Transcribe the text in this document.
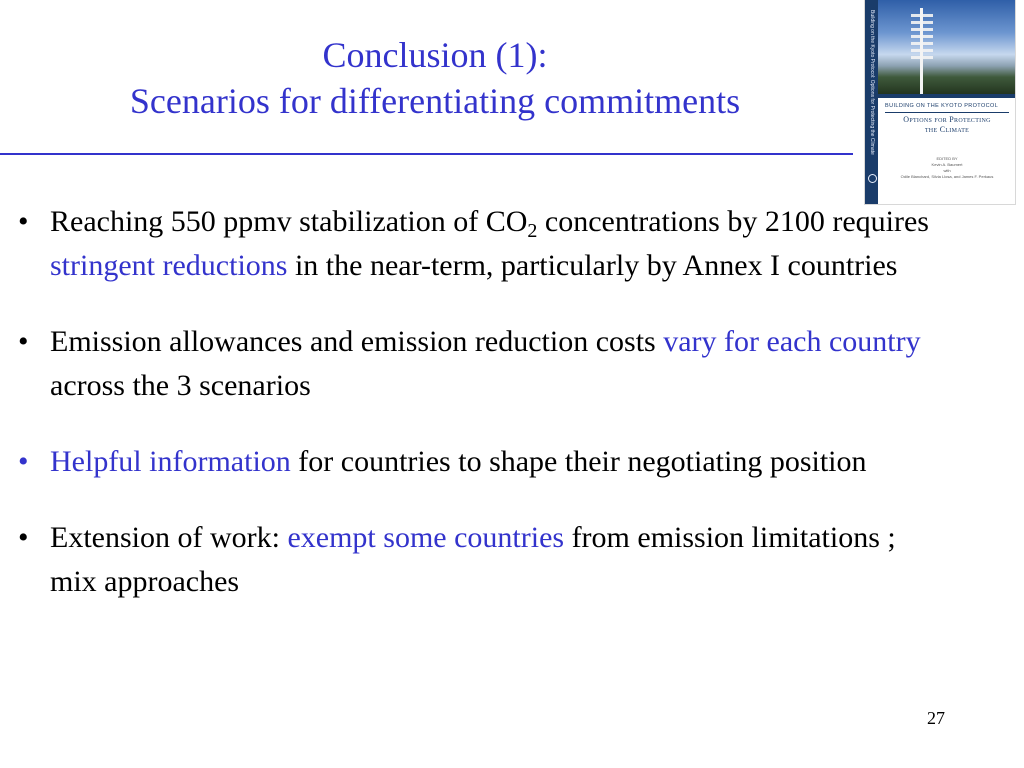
Conclusion (1):
Scenarios for differentiating commitments
• Reaching 550 ppmv stabilization of $CO_2$ concentrations by 2100 requires stringent reductions in the near-term, particularly by Annex I countries
• Emission allowances and emission reduction costs vary for each country across the 3 scenarios
• Helpful information for countries to shape their negotiating position
• Extension of work: exempt some countries from emission limitations ; mix approaches
27
Building on the Kyoto Protocol: Options for Protecting the Climate	BUILDING ON THE KYOTO PROTOCOL
Options for Protecting
the Climate
EDITED BY
Kevin A. Baumert
with
Odile Blanchard, Silvia Llosa, and James F. Perkaus
